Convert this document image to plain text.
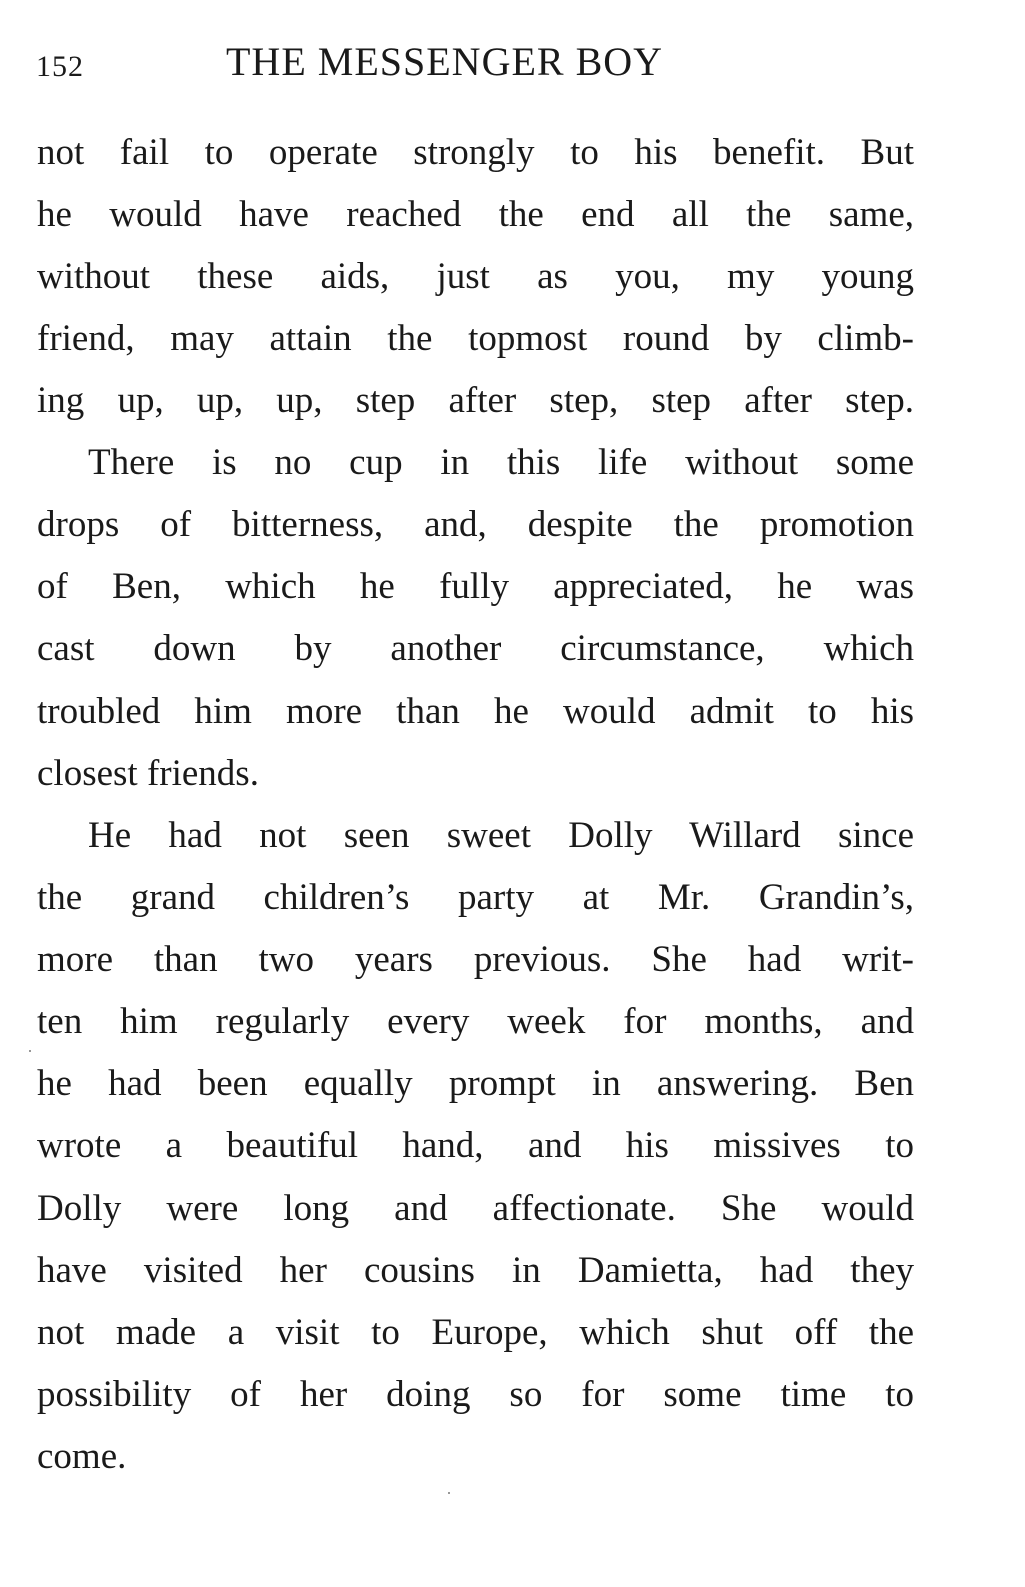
152	THE MESSENGER BOY
not fail to operate strongly to his benefit. But
he would have reached the end all the same,
without these aids, just as you, my young
friend, may attain the topmost round by climb-
ing up, up, up, step after step, step after step.
There is no cup in this life without some
drops of bitterness, and, despite the promotion
of Ben, which he fully appreciated, he was
cast down by another circumstance, which
troubled him more than he would admit to his
closest friends.
He had not seen sweet Dolly Willard since
the grand children’s party at Mr. Grandin’s,
more than two years previous. She had writ-
ten him regularly every week for months, and
he had been equally prompt in answering. Ben
wrote a beautiful hand, and his missives to
Dolly were long and affectionate. She would
have visited her cousins in Damietta, had they
not made a visit to Europe, which shut off the
possibility of her doing so for some time to
come.
